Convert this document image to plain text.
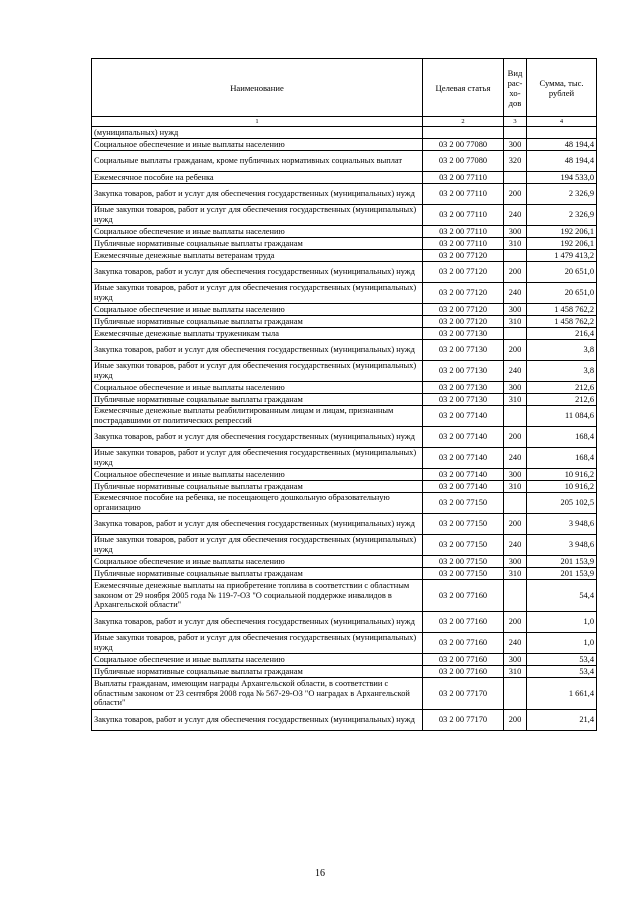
Наименование	Целевая статья	Вид рас-хо-дов	Сумма, тыс. рублей
1	2	3	4
(муниципальных) нужд			
Социальное обеспечение и иные выплаты населению	03 2 00 77080	300	48 194,4
Социальные выплаты гражданам, кроме публичных нормативных социальных выплат	03 2 00 77080	320	48 194,4
Ежемесячное пособие на ребенка	03 2 00 77110		194 533,0
Закупка товаров, работ и услуг для обеспечения государственных (муниципальных) нужд	03 2 00 77110	200	2 326,9
Иные закупки товаров, работ и услуг для обеспечения государственных (муниципальных) нужд	03 2 00 77110	240	2 326,9
Социальное обеспечение и иные выплаты населению	03 2 00 77110	300	192 206,1
Публичные нормативные социальные выплаты гражданам	03 2 00 77110	310	192 206,1
Ежемесячные денежные выплаты ветеранам труда	03 2 00 77120		1 479 413,2
Закупка товаров, работ и услуг для обеспечения государственных (муниципальных) нужд	03 2 00 77120	200	20 651,0
Иные закупки товаров, работ и услуг для обеспечения государственных (муниципальных) нужд	03 2 00 77120	240	20 651,0
Социальное обеспечение и иные выплаты населению	03 2 00 77120	300	1 458 762,2
Публичные нормативные социальные выплаты гражданам	03 2 00 77120	310	1 458 762,2
Ежемесячные денежные выплаты труженикам тыла	03 2 00 77130		216,4
Закупка товаров, работ и услуг для обеспечения государственных (муниципальных) нужд	03 2 00 77130	200	3,8
Иные закупки товаров, работ и услуг для обеспечения государственных (муниципальных) нужд	03 2 00 77130	240	3,8
Социальное обеспечение и иные выплаты населению	03 2 00 77130	300	212,6
Публичные нормативные социальные выплаты гражданам	03 2 00 77130	310	212,6
Ежемесячные денежные выплаты реабилитированным лицам и лицам, признанным пострадавшими от политических репрессий	03 2 00 77140		11 084,6
Закупка товаров, работ и услуг для обеспечения государственных (муниципальных) нужд	03 2 00 77140	200	168,4
Иные закупки товаров, работ и услуг для обеспечения государственных (муниципальных) нужд	03 2 00 77140	240	168,4
Социальное обеспечение и иные выплаты населению	03 2 00 77140	300	10 916,2
Публичные нормативные социальные выплаты гражданам	03 2 00 77140	310	10 916,2
Ежемесячное пособие на ребенка, не посещающего дошкольную образовательную организацию	03 2 00 77150		205 102,5
Закупка товаров, работ и услуг для обеспечения государственных (муниципальных) нужд	03 2 00 77150	200	3 948,6
Иные закупки товаров, работ и услуг для обеспечения государственных (муниципальных) нужд	03 2 00 77150	240	3 948,6
Социальное обеспечение и иные выплаты населению	03 2 00 77150	300	201 153,9
Публичные нормативные социальные выплаты гражданам	03 2 00 77150	310	201 153,9
Ежемесячные денежные выплаты на приобретение топлива в соответствии с областным законом от 29 ноября 2005 года № 119-7-ОЗ "О социальной поддержке инвалидов в Архангельской области"	03 2 00 77160		54,4
Закупка товаров, работ и услуг для обеспечения государственных (муниципальных) нужд	03 2 00 77160	200	1,0
Иные закупки товаров, работ и услуг для обеспечения государственных (муниципальных) нужд	03 2 00 77160	240	1,0
Социальное обеспечение и иные выплаты населению	03 2 00 77160	300	53,4
Публичные нормативные социальные выплаты гражданам	03 2 00 77160	310	53,4
Выплаты гражданам, имеющим награды Архангельской области, в соответствии с областным законом от 23 сентября 2008 года № 567-29-ОЗ "О наградах в Архангельской области"	03 2 00 77170		1 661,4
Закупка товаров, работ и услуг для обеспечения государственных (муниципальных) нужд	03 2 00 77170	200	21,4
16
